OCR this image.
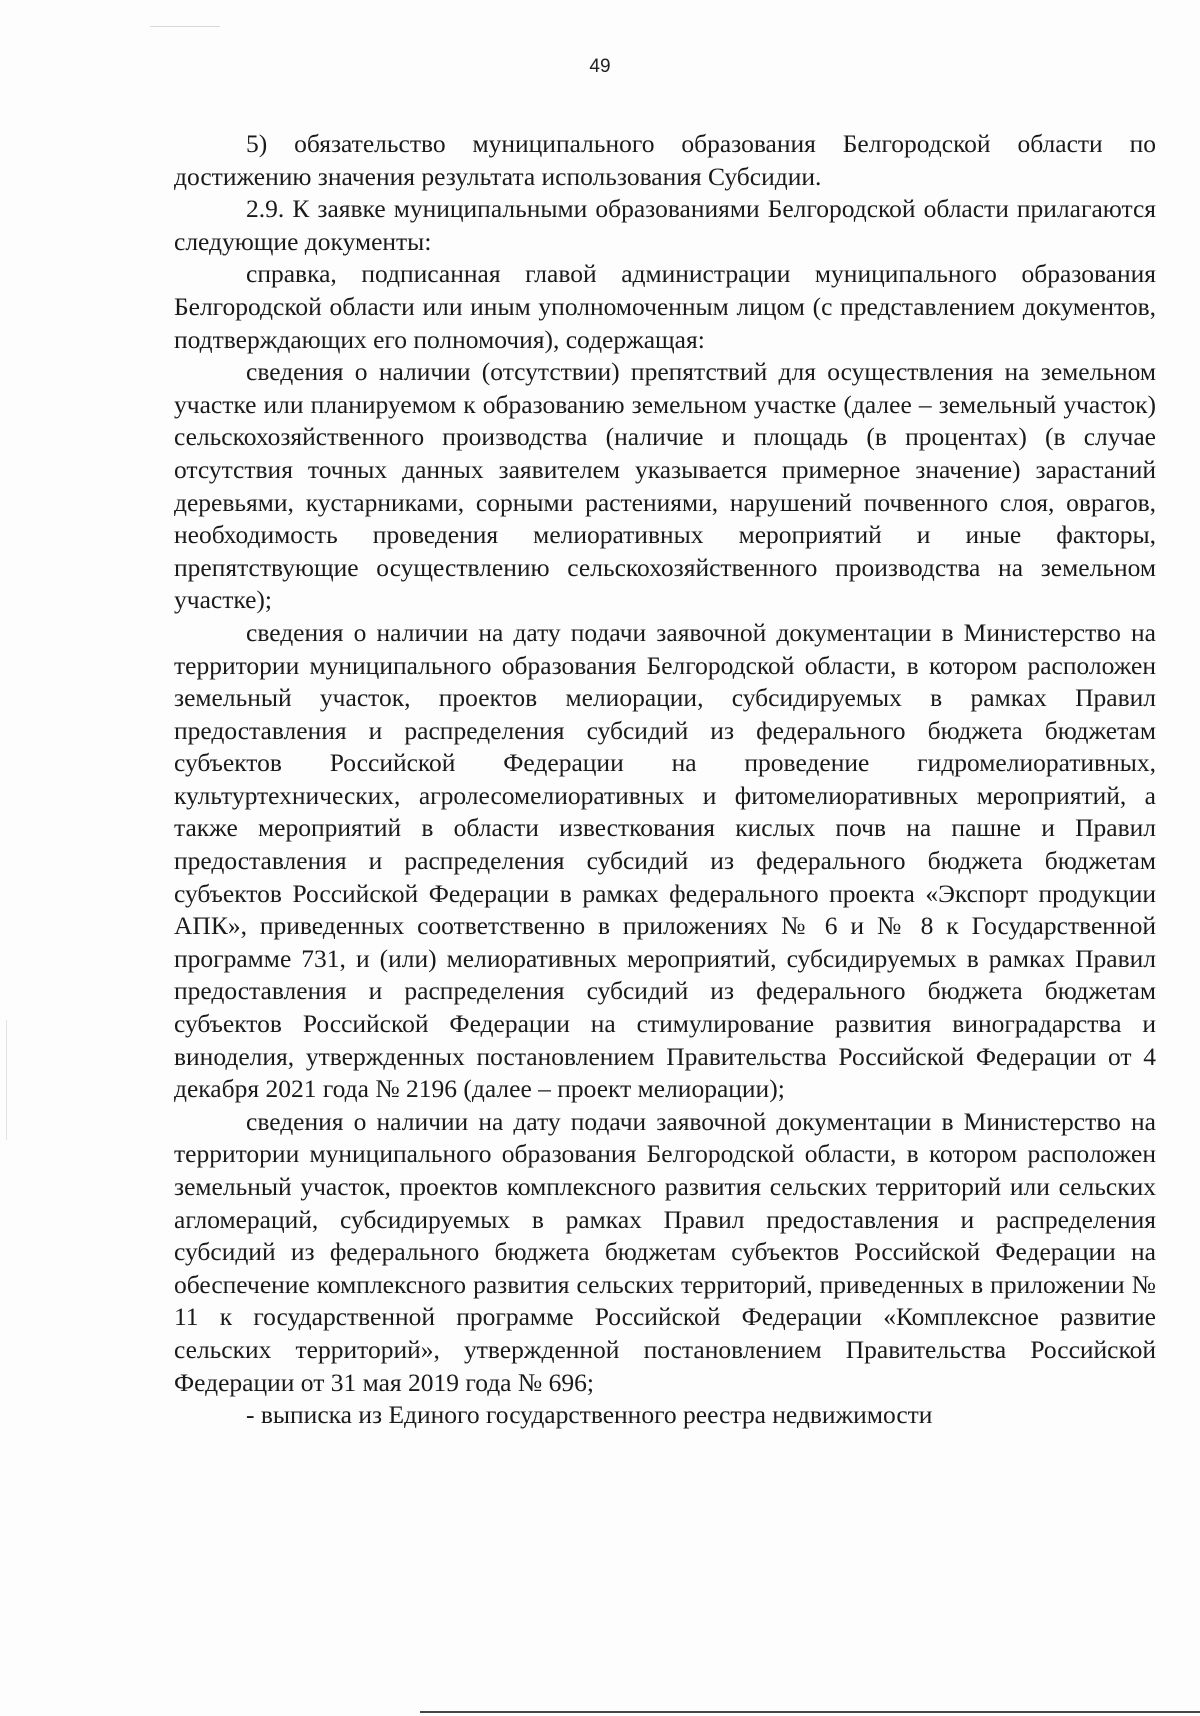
49

5) обязательство муниципального образования Белгородской области по достижению значения результата использования Субсидии.

2.9. К заявке муниципальными образованиями Белгородской области прилагаются следующие документы:

справка, подписанная главой администрации муниципального образования Белгородской области или иным уполномоченным лицом (с представлением документов, подтверждающих его полномочия), содержащая:

сведения о наличии (отсутствии) препятствий для осуществления на земельном участке или планируемом к образованию земельном участке (далее – земельный участок) сельскохозяйственного производства (наличие и площадь (в процентах) (в случае отсутствия точных данных заявителем указывается примерное значение) зарастаний деревьями, кустарниками, сорными растениями, нарушений почвенного слоя, оврагов, необходимость проведения мелиоративных мероприятий и иные факторы, препятствующие осуществлению сельскохозяйственного производства на земельном участке);

сведения о наличии на дату подачи заявочной документации в Министерство на территории муниципального образования Белгородской области, в котором расположен земельный участок, проектов мелиорации, субсидируемых в рамках Правил предоставления и распределения субсидий из федерального бюджета бюджетам субъектов Российской Федерации на проведение гидромелиоративных, культуртехнических, агролесомелиоративных и фитомелиоративных мероприятий, а также мероприятий в области известкования кислых почв на пашне и Правил предоставления и распределения субсидий из федерального бюджета бюджетам субъектов Российской Федерации в рамках федерального проекта «Экспорт продукции АПК», приведенных соответственно в приложениях № 6 и № 8 к Государственной программе 731, и (или) мелиоративных мероприятий, субсидируемых в рамках Правил предоставления и распределения субсидий из федерального бюджета бюджетам субъектов Российской Федерации на стимулирование развития виноградарства и виноделия, утвержденных постановлением Правительства Российской Федерации от 4 декабря 2021 года № 2196 (далее – проект мелиорации);

сведения о наличии на дату подачи заявочной документации в Министерство на территории муниципального образования Белгородской области, в котором расположен земельный участок, проектов комплексного развития сельских территорий или сельских агломераций, субсидируемых в рамках Правил предоставления и распределения субсидий из федерального бюджета бюджетам субъектов Российской Федерации на обеспечение комплексного развития сельских территорий, приведенных в приложении № 11 к государственной программе Российской Федерации «Комплексное развитие сельских территорий», утвержденной постановлением Правительства Российской Федерации от 31 мая 2019 года № 696;

- выписка из Единого государственного реестра недвижимости
